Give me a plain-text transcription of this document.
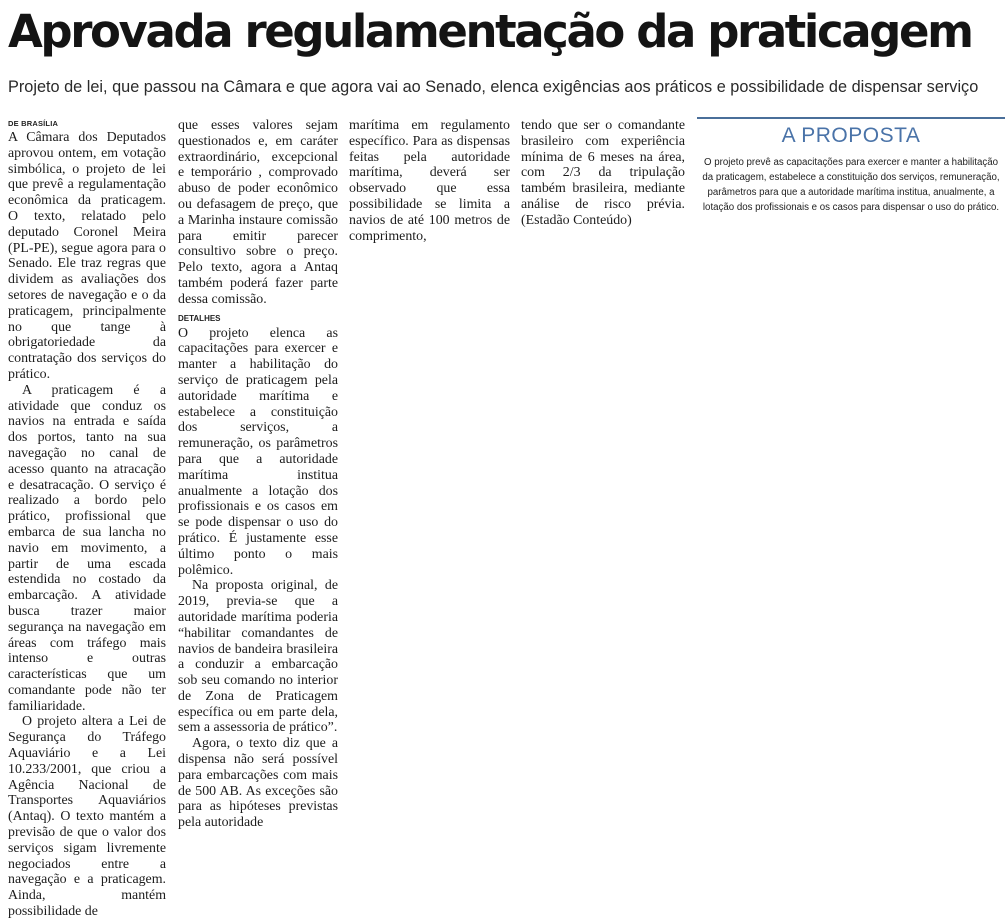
Aprovada regulamentação da praticagem

Projeto de lei, que passou na Câmara e que agora vai ao Senado, elenca exigências aos práticos e possibilidade de dispensar serviço

DE BRASÍLIA

A Câmara dos Deputados aprovou ontem, em votação simbólica, o projeto de lei que prevê a regulamentação econômica da praticagem. O texto, relatado pelo deputado Coronel Meira (PL-PE), segue agora para o Senado. Ele traz regras que dividem as avaliações dos setores de navegação e o da praticagem, principalmente no que tange à obrigatoriedade da contratação dos serviços do prático.

A praticagem é a atividade que conduz os navios na entrada e saída dos portos, tanto na sua navegação no canal de acesso quanto na atracação e desatracação. O serviço é realizado a bordo pelo prático, profissional que embarca de sua lancha no navio em movimento, a partir de uma escada estendida no costado da embarcação. A atividade busca trazer maior segurança na navegação em áreas com tráfego mais intenso e outras características que um comandante pode não ter familiaridade.

O projeto altera a Lei de Segurança do Tráfego Aquaviário e a Lei 10.233/2001, que criou a Agência Nacional de Transportes Aquaviários (Antaq). O texto mantém a previsão de que o valor dos serviços sigam livremente negociados entre a navegação e a praticagem. Ainda, mantém possibilidade de

que esses valores sejam questionados e, em caráter extraordinário, excepcional e temporário , comprovado abuso de poder econômico ou defasagem de preço, que a Marinha instaure comissão para emitir parecer consultivo sobre o preço. Pelo texto, agora a Antaq também poderá fazer parte dessa comissão.

DETALHES

O projeto elenca as capacitações para exercer e manter a habilitação do serviço de praticagem pela autoridade marítima e estabelece a constituição dos serviços, a remuneração, os parâmetros para que a autoridade marítima institua anualmente a lotação dos profissionais e os casos em se pode dispensar o uso do prático. É justamente esse último ponto o mais polêmico.

Na proposta original, de 2019, previa-se que a autoridade marítima poderia “habilitar comandantes de navios de bandeira brasileira a conduzir a embarcação sob seu comando no interior de Zona de Praticagem específica ou em parte dela, sem a assessoria de prático”.

Agora, o texto diz que a dispensa não será possível para embarcações com mais de 500 AB. As exceções são para as hipóteses previstas pela autoridade

marítima em regulamento específico. Para as dispensas feitas pela autoridade marítima, deverá ser observado que essa possibilidade se limita a navios de até 100 metros de comprimento,

tendo que ser o comandante brasileiro com experiência mínima de 6 meses na área, com 2/3 da tripulação também brasileira, mediante análise de risco prévia. (Estadão Conteúdo)

A PROPOSTA

O projeto prevê as capacitações para exercer e manter a habilitação da praticagem, estabelece a constituição dos serviços, remuneração, parâmetros para que a autoridade marítima institua, anualmente, a lotação dos profissionais e os casos para dispensar o uso do prático.
